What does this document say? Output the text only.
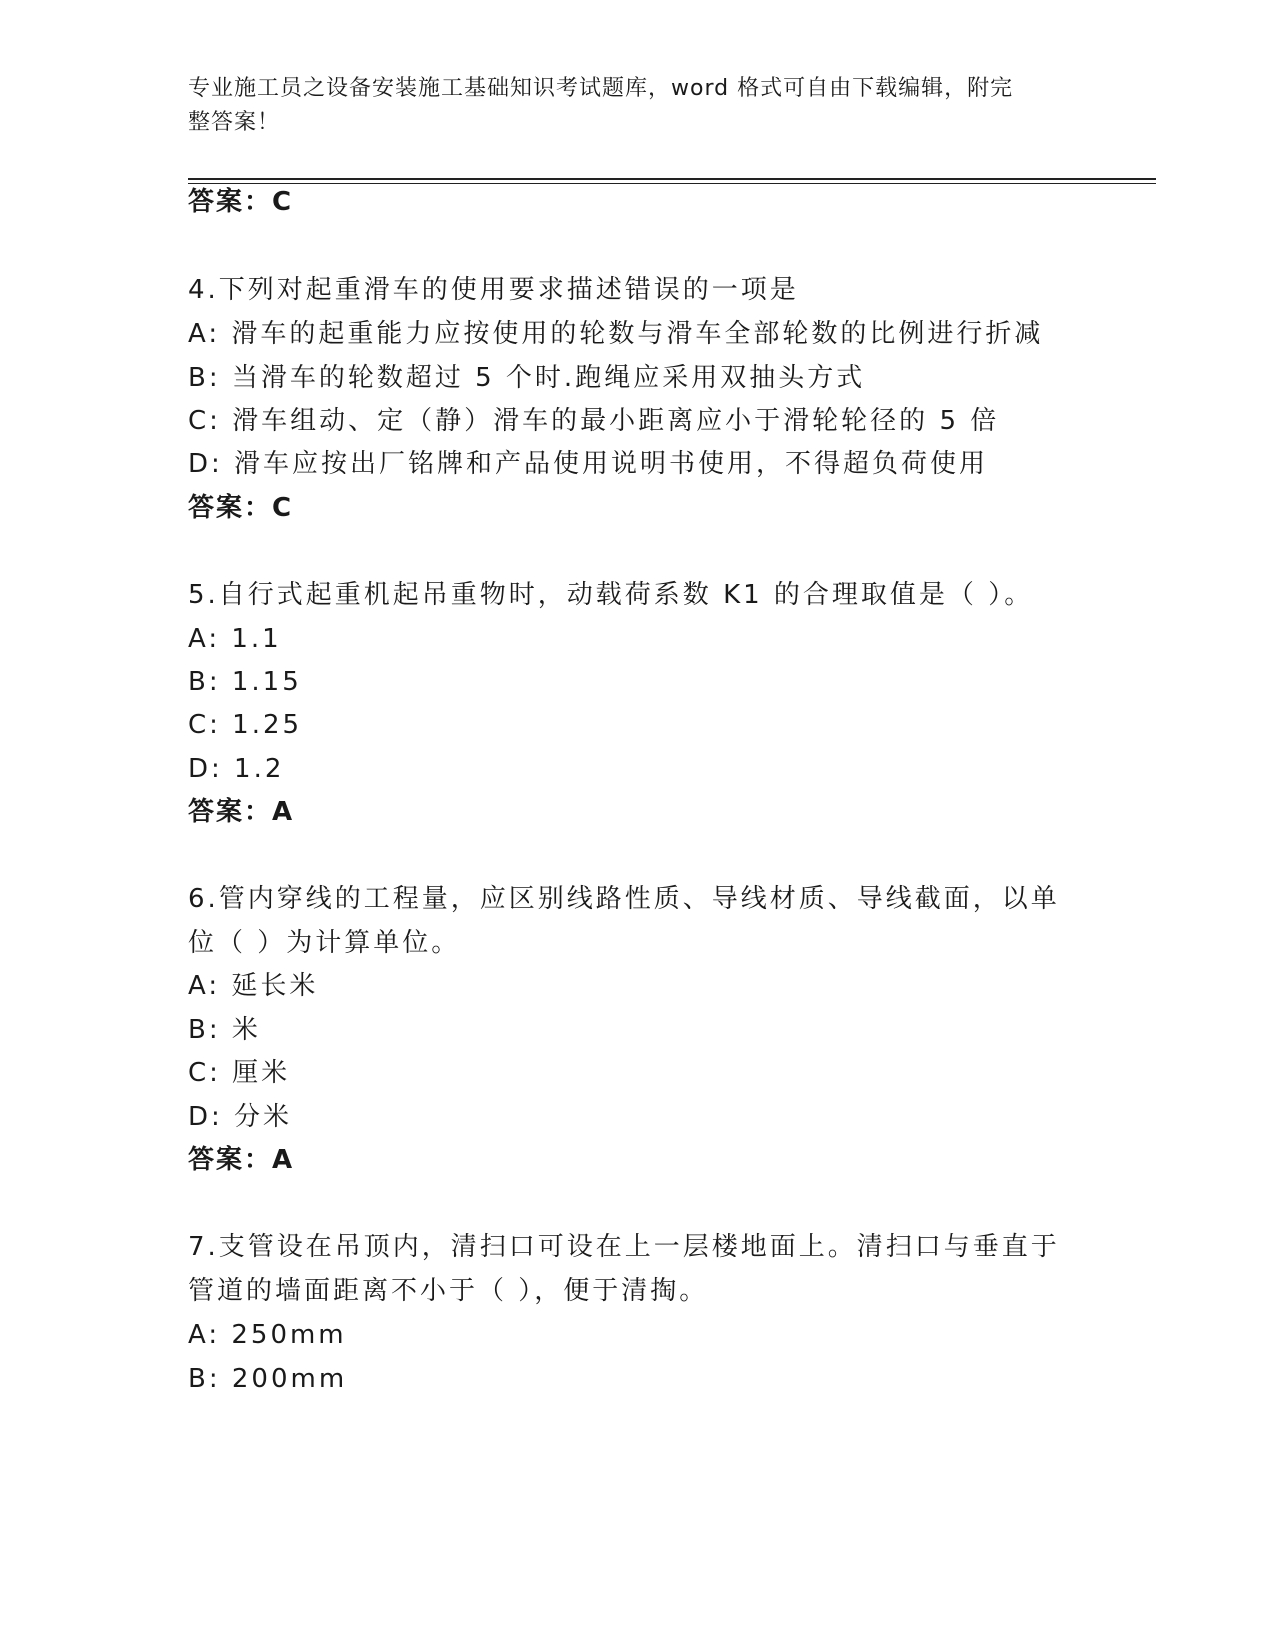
专业施工员之设备安装施工基础知识考试题库，word 格式可自由下载编辑，附完
整答案！
答案：C
4.下列对起重滑车的使用要求描述错误的一项是
A: 滑车的起重能力应按使用的轮数与滑车全部轮数的比例进行折减
B: 当滑车的轮数超过 5 个时.跑绳应采用双抽头方式
C: 滑车组动、定（静）滑车的最小距离应小于滑轮轮径的 5 倍
D: 滑车应按出厂铭牌和产品使用说明书使用，不得超负荷使用
答案：C
5.自行式起重机起吊重物时，动载荷系数 K1 的合理取值是（ ）。
A: 1.1
B: 1.15
C: 1.25
D: 1.2
答案：A
6.管内穿线的工程量，应区别线路性质、导线材质、导线截面，以单
位（ ）为计算单位。
A: 延长米
B: 米
C: 厘米
D: 分米
答案：A
7.支管设在吊顶内，清扫口可设在上一层楼地面上。清扫口与垂直于
管道的墙面距离不小于（ ），便于清掏。
A: 250mm
B: 200mm
